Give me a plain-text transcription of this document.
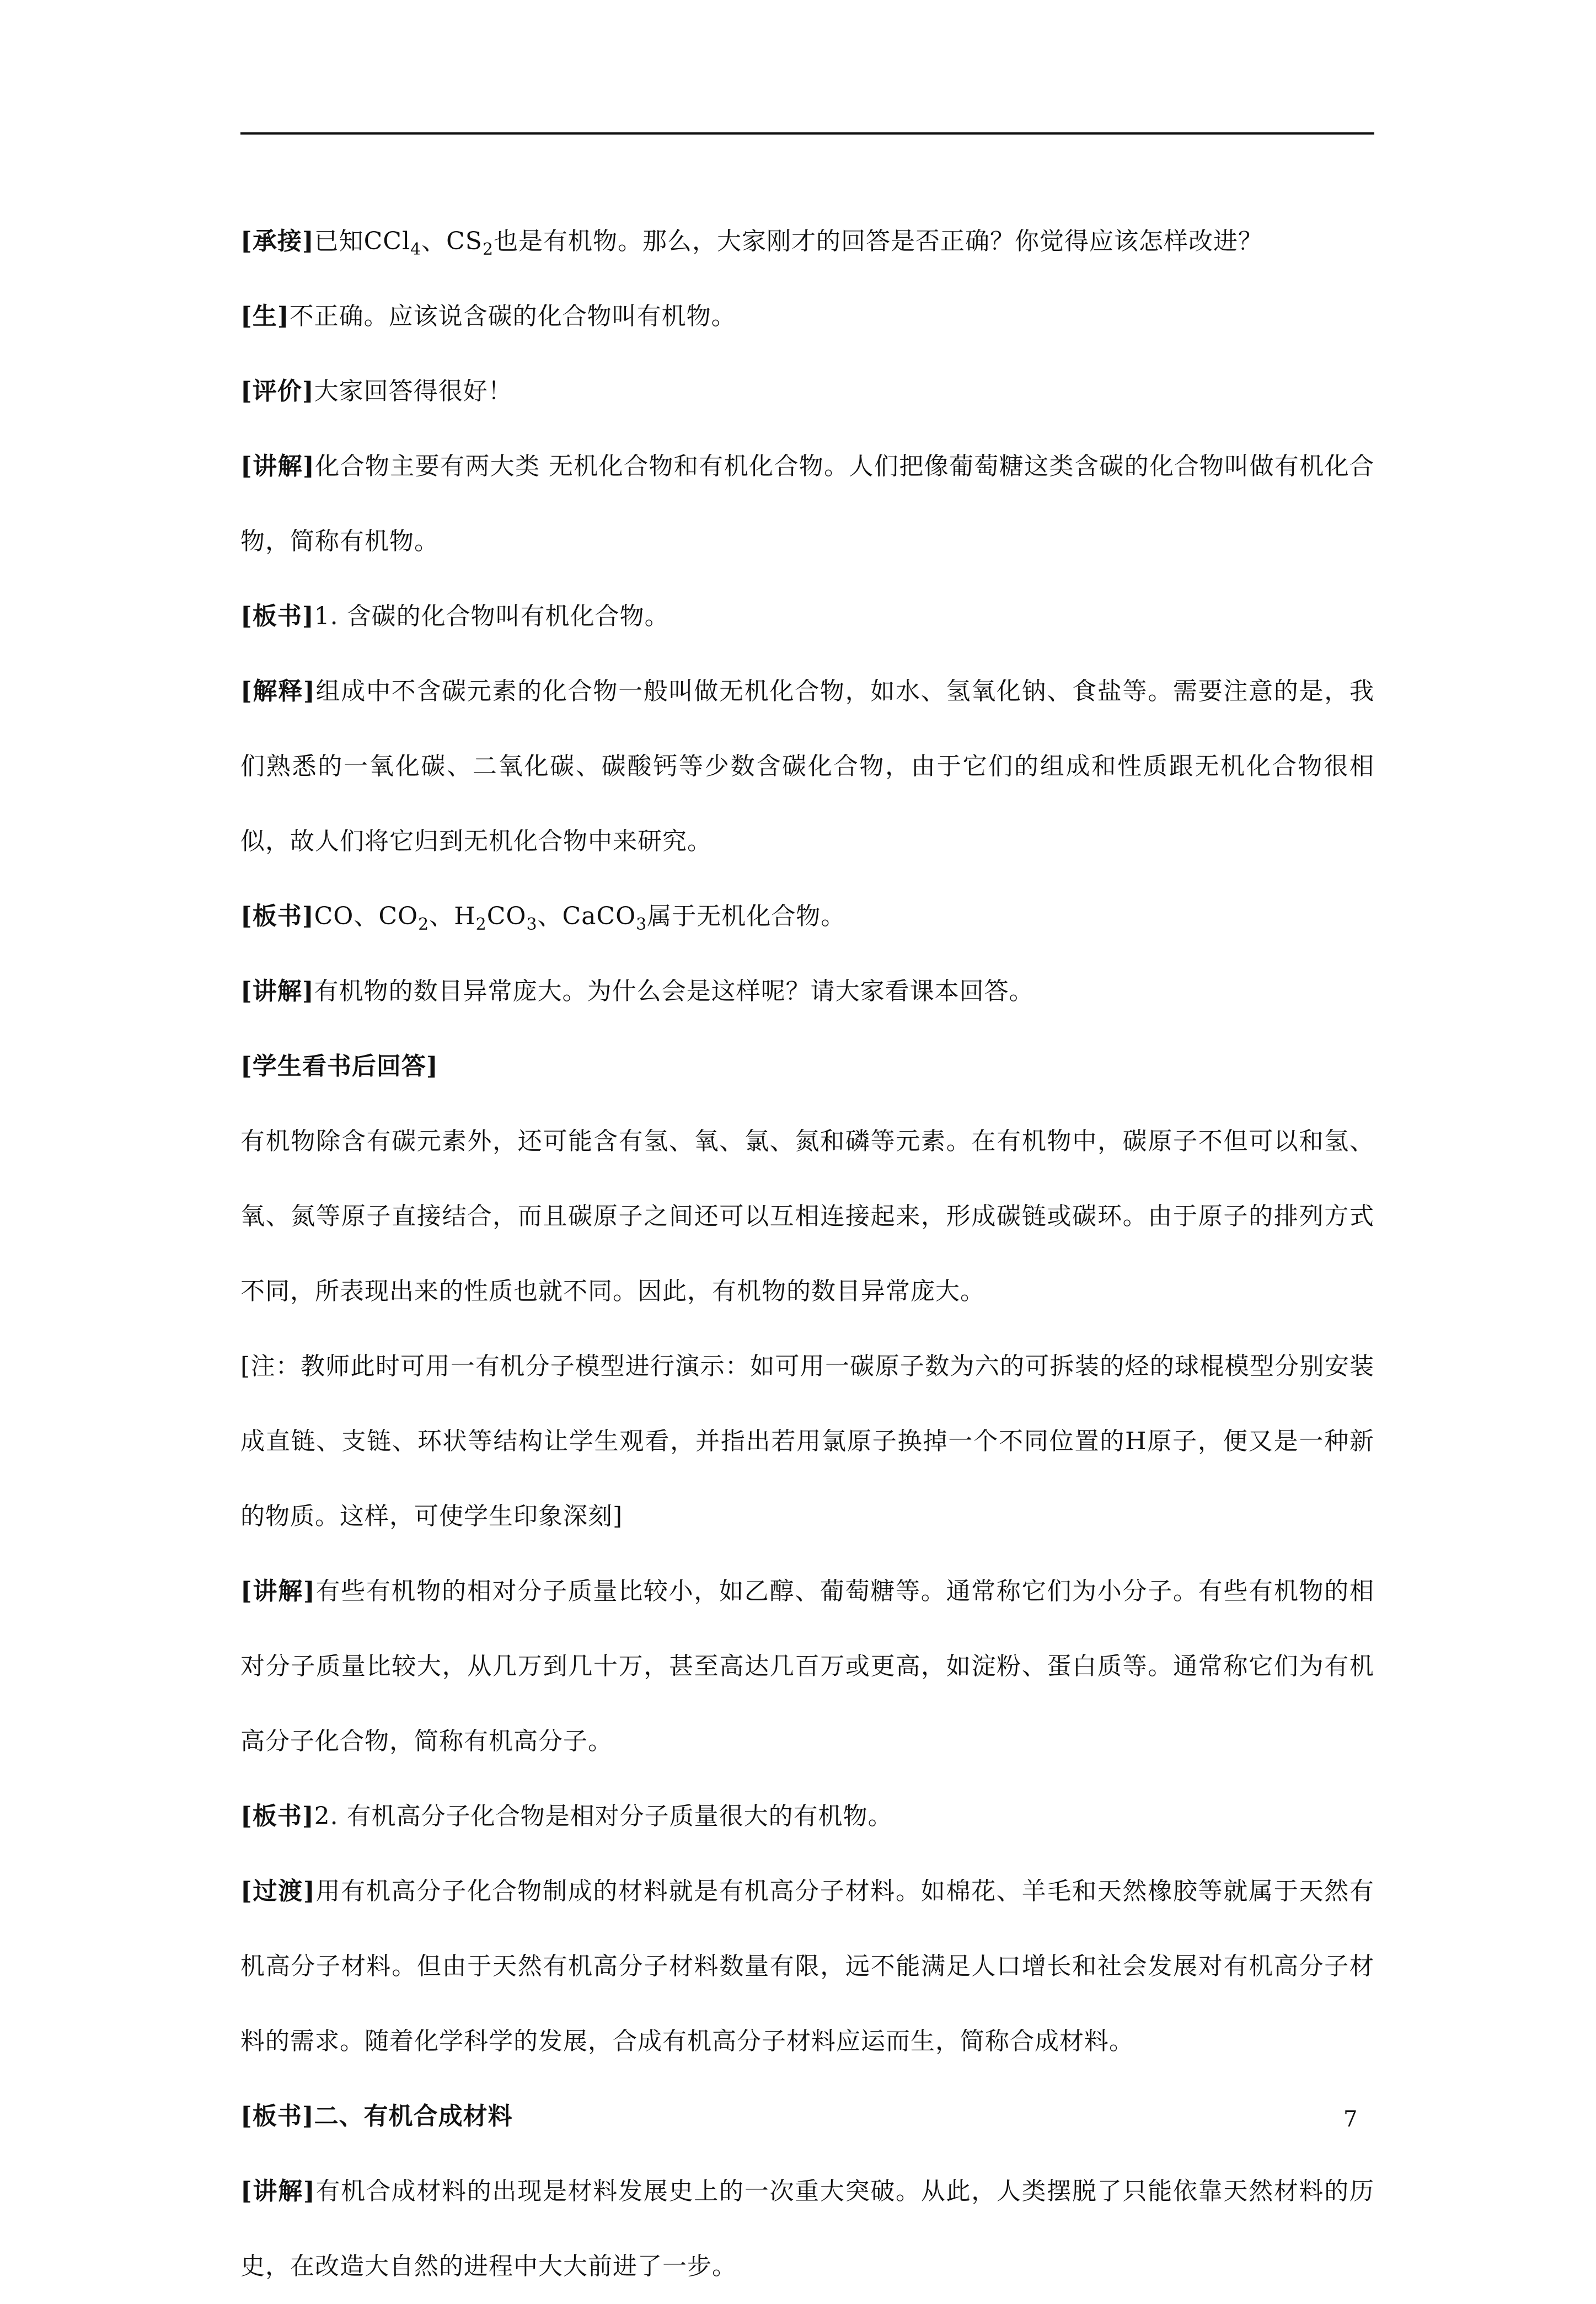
[承接]已知CCl$_4$、$CS_2$也是有机物。那么，大家刚才的回答是否正确？你觉得应该怎样改进？

[生]不正确。应该说含碳的化合物叫有机物。

[评价]大家回答得很好！

[讲解]化合物主要有两大类 无机化合物和有机化合物。人们把像葡萄糖这类含碳的化合物叫做有机化合物，简称有机物。

[板书]1. 含碳的化合物叫有机化合物。

[解释]组成中不含碳元素的化合物一般叫做无机化合物，如水、氢氧化钠、食盐等。需要注意的是，我们熟悉的一氧化碳、二氧化碳、碳酸钙等少数含碳化合物，由于它们的组成和性质跟无机化合物很相似，故人们将它归到无机化合物中来研究。

[板书]CO、$CO_2$、$H_2CO_3$、CaCO$_3$属于无机化合物。

[讲解]有机物的数目异常庞大。为什么会是这样呢？请大家看课本回答。

[学生看书后回答]

有机物除含有碳元素外，还可能含有氢、氧、氯、氮和磷等元素。在有机物中，碳原子不但可以和氢、氧、氮等原子直接结合，而且碳原子之间还可以互相连接起来，形成碳链或碳环。由于原子的排列方式不同，所表现出来的性质也就不同。因此，有机物的数目异常庞大。

[注：教师此时可用一有机分子模型进行演示：如可用一碳原子数为六的可拆装的烃的球棍模型分别安装成直链、支链、环状等结构让学生观看，并指出若用氯原子换掉一个不同位置的H原子，便又是一种新的物质。这样，可使学生印象深刻]

[讲解]有些有机物的相对分子质量比较小，如乙醇、葡萄糖等。通常称它们为小分子。有些有机物的相对分子质量比较大，从几万到几十万，甚至高达几百万或更高，如淀粉、蛋白质等。通常称它们为有机高分子化合物，简称有机高分子。

[板书]2. 有机高分子化合物是相对分子质量很大的有机物。

[过渡]用有机高分子化合物制成的材料就是有机高分子材料。如棉花、羊毛和天然橡胶等就属于天然有机高分子材料。但由于天然有机高分子材料数量有限，远不能满足人口增长和社会发展对有机高分子材料的需求。随着化学科学的发展，合成有机高分子材料应运而生，简称合成材料。

[板书]二、有机合成材料

[讲解]有机合成材料的出现是材料发展史上的一次重大突破。从此，人类摆脱了只能依靠天然材料的历史，在改造大自然的进程中大大前进了一步。

7
